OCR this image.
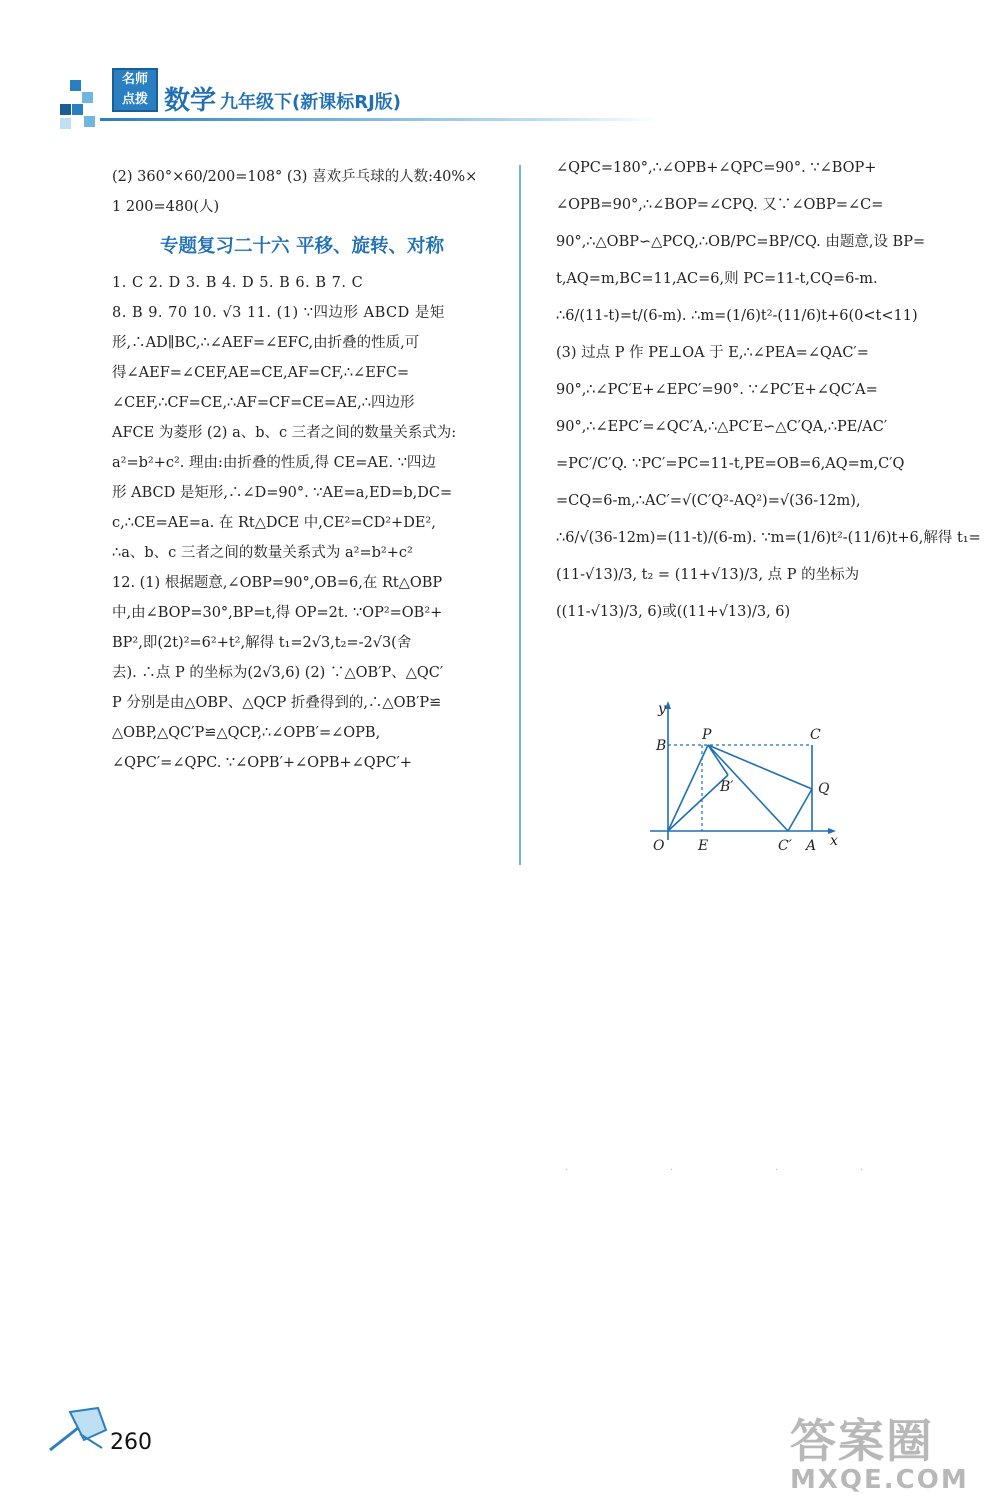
名师
点拨 数学 九年级下(新课标RJ版)

(2) 360°×60/200=108° (3) 喜欢乒乓球的人数:40%×

1 200=480(人)

专题复习二十六 平移、旋转、对称

1. C 2. D 3. B 4. D 5. B 6. B 7. C

8. B 9. 70 10. √3 11. (1) ∵四边形 ABCD 是矩

形,∴AD∥BC,∴∠AEF=∠EFC,由折叠的性质,可

得∠AEF=∠CEF,AE=CE,AF=CF,∴∠EFC=

∠CEF,∴CF=CE,∴AF=CF=CE=AE,∴四边形

AFCE 为菱形 (2) a、b、c 三者之间的数量关系式为:

a²=b²+c². 理由:由折叠的性质,得 CE=AE. ∵四边

形 ABCD 是矩形,∴∠D=90°. ∵AE=a,ED=b,DC=

c,∴CE=AE=a. 在 Rt△DCE 中,CE²=CD²+DE²,

∴a、b、c 三者之间的数量关系式为 a²=b²+c²

12. (1) 根据题意,∠OBP=90°,OB=6,在 Rt△OBP

中,由∠BOP=30°,BP=t,得 OP=2t. ∵OP²=OB²+

BP²,即(2t)²=6²+t²,解得 t₁=2√3,t₂=-2√3(舍

去). ∴点 P 的坐标为(2√3,6) (2) ∵△OB′P、△QC′

P 分别是由△OBP、△QCP 折叠得到的,∴△OB′P≌

△OBP,△QC′P≌△QCP,∴∠OPB′=∠OPB,

∠QPC′=∠QPC. ∵∠OPB′+∠OPB+∠QPC′+

∠QPC=180°,∴∠OPB+∠QPC=90°. ∵∠BOP+

∠OPB=90°,∴∠BOP=∠CPQ. 又∵∠OBP=∠C=

90°,∴△OBP∽△PCQ,∴OB/PC=BP/CQ. 由题意,设 BP=

t,AQ=m,BC=11,AC=6,则 PC=11-t,CQ=6-m.

∴6/(11-t)=t/(6-m). ∴m=(1/6)t²-(11/6)t+6(0<t<11)

(3) 过点 P 作 PE⊥OA 于 E,∴∠PEA=∠QAC′=

90°,∴∠PC′E+∠EPC′=90°. ∵∠PC′E+∠QC′A=

90°,∴∠EPC′=∠QC′A,∴△PC′E∽△C′QA,∴PE/AC′

=PC′/C′Q. ∵PC′=PC=11-t,PE=OB=6,AQ=m,C′Q

=CQ=6-m,∴AC′=√(C′Q²-AQ²)=√(36-12m),

∴6/√(36-12m)=(11-t)/(6-m). ∵m=(1/6)t²-(11/6)t+6,解得 t₁=

(11-√13)/3, t₂ = (11+√13)/3, 点 P 的坐标为

((11-√13)/3, 6)或((11+√13)/3, 6)

y
x
O E	A
B
P	C
Q
B′
C′
·	·	·	·
260	答案圈
MXQE.COM
